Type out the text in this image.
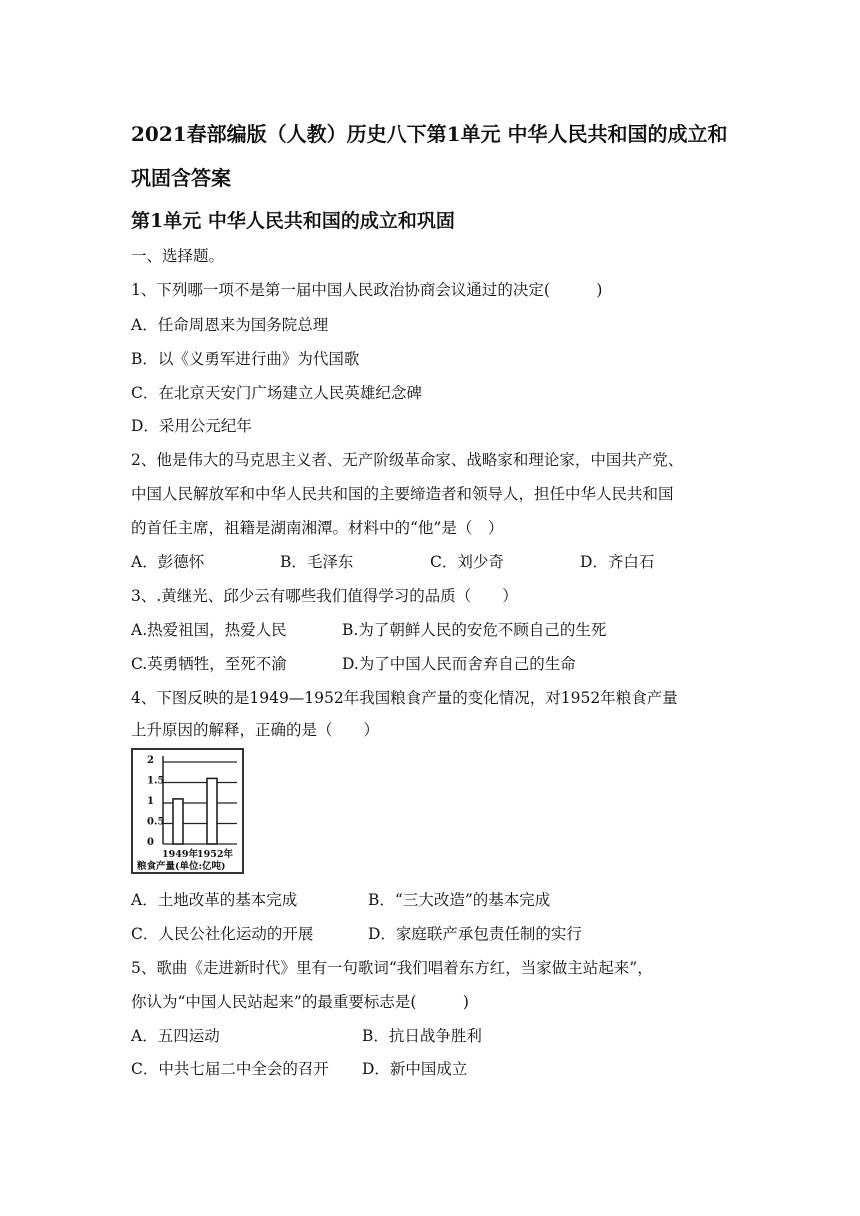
2021春部编版（人教）历史八下第1单元 中华人民共和国的成立和
巩固含答案
第1单元 中华人民共和国的成立和巩固
一、选择题。
1、下列哪一项不是第一届中国人民政治协商会议通过的决定(　　　)
A．任命周恩来为国务院总理
B．以《义勇军进行曲》为代国歌
C．在北京天安门广场建立人民英雄纪念碑
D．采用公元纪年
2、他是伟大的马克思主义者、无产阶级革命家、战略家和理论家，中国共产党、
中国人民解放军和中华人民共和国的主要缔造者和领导人，担任中华人民共和国
的首任主席，祖籍是湖南湘潭。材料中的“他”是（　）
A．彭德怀	B．毛泽东	C．刘少奇	D．齐白石
3、.黄继光、邱少云有哪些我们值得学习的品质（　　）
A.热爱祖国，热爱人民	B.为了朝鲜人民的安危不顾自己的生死
C.英勇牺牲，至死不渝	D.为了中国人民而舍弃自己的生命
4、下图反映的是1949—1952年我国粮食产量的变化情况，对1952年粮食产量
上升原因的解释，正确的是（　　）
0
0.5
1
1.5
2
1949年 1952年
粮食产量(单位:亿吨)
A．土地改革的基本完成	B．“三大改造”的基本完成
C．人民公社化运动的开展	D．家庭联产承包责任制的实行
5、歌曲《走进新时代》里有一句歌词“我们唱着东方红，当家做主站起来”，
你认为“中国人民站起来”的最重要标志是(　　　)
A．五四运动	B．抗日战争胜利
C．中共七届二中全会的召开 D．新中国成立
